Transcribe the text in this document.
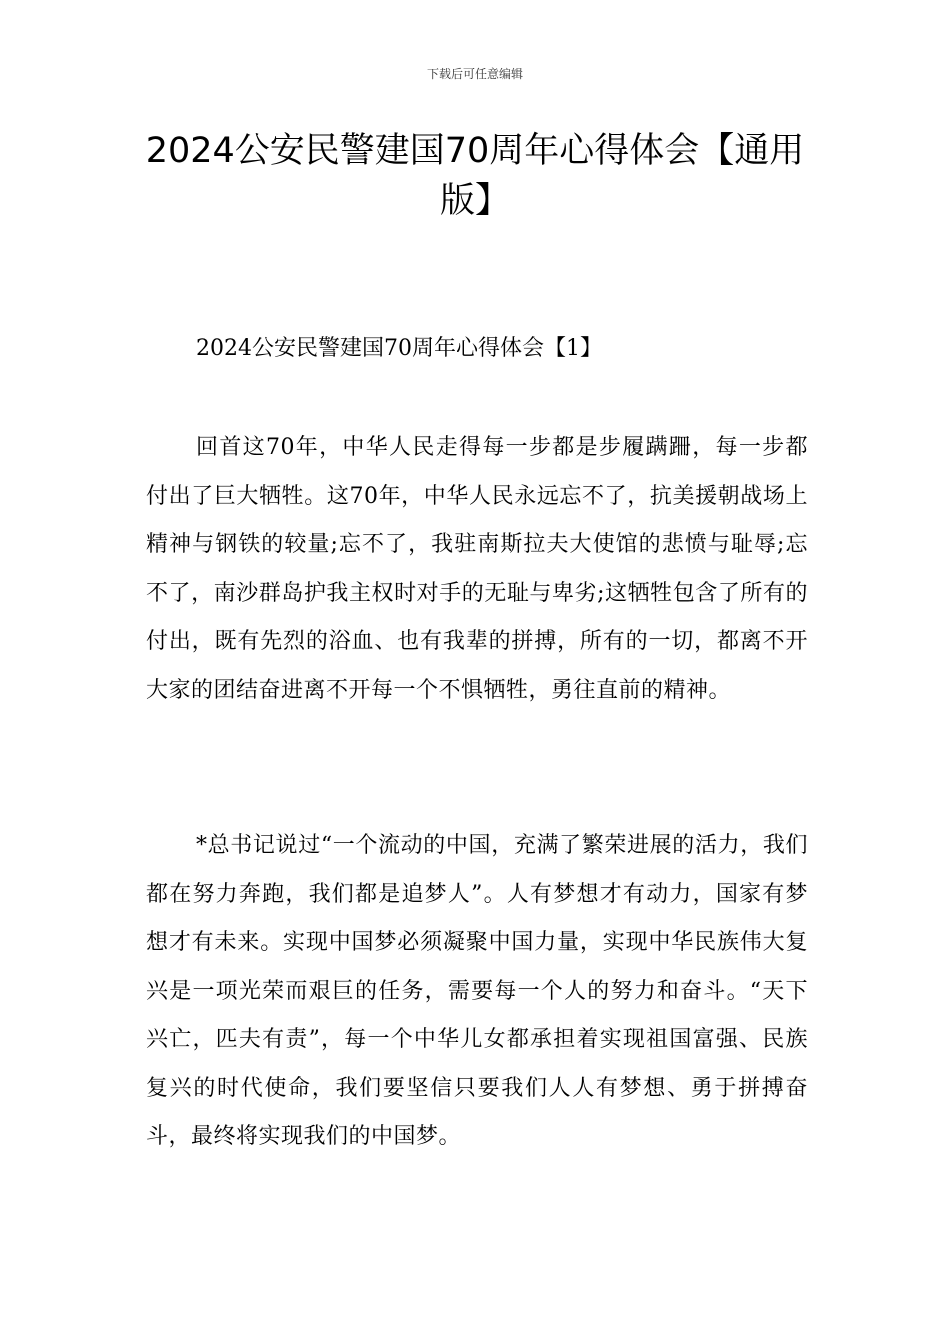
下载后可任意编辑
2024公安民警建国70周年心得体会【通用版】
2024公安民警建国70周年心得体会【1】

回首这70年，中华人民走得每一步都是步履蹒跚，每一步都付出了巨大牺牲。这70年，中华人民永远忘不了，抗美援朝战场上精神与钢铁的较量;忘不了，我驻南斯拉夫大使馆的悲愤与耻辱;忘不了，南沙群岛护我主权时对手的无耻与卑劣;这牺牲包含了所有的付出，既有先烈的浴血、也有我辈的拼搏，所有的一切，都离不开大家的团结奋进离不开每一个不惧牺牲，勇往直前的精神。

*总书记说过“一个流动的中国，充满了繁荣进展的活力，我们都在努力奔跑，我们都是追梦人”。人有梦想才有动力，国家有梦想才有未来。实现中国梦必须凝聚中国力量，实现中华民族伟大复兴是一项光荣而艰巨的任务，需要每一个人的努力和奋斗。“天下兴亡，匹夫有责”，每一个中华儿女都承担着实现祖国富强、民族复兴的时代使命，我们要坚信只要我们人人有梦想、勇于拼搏奋斗，最终将实现我们的中国梦。
